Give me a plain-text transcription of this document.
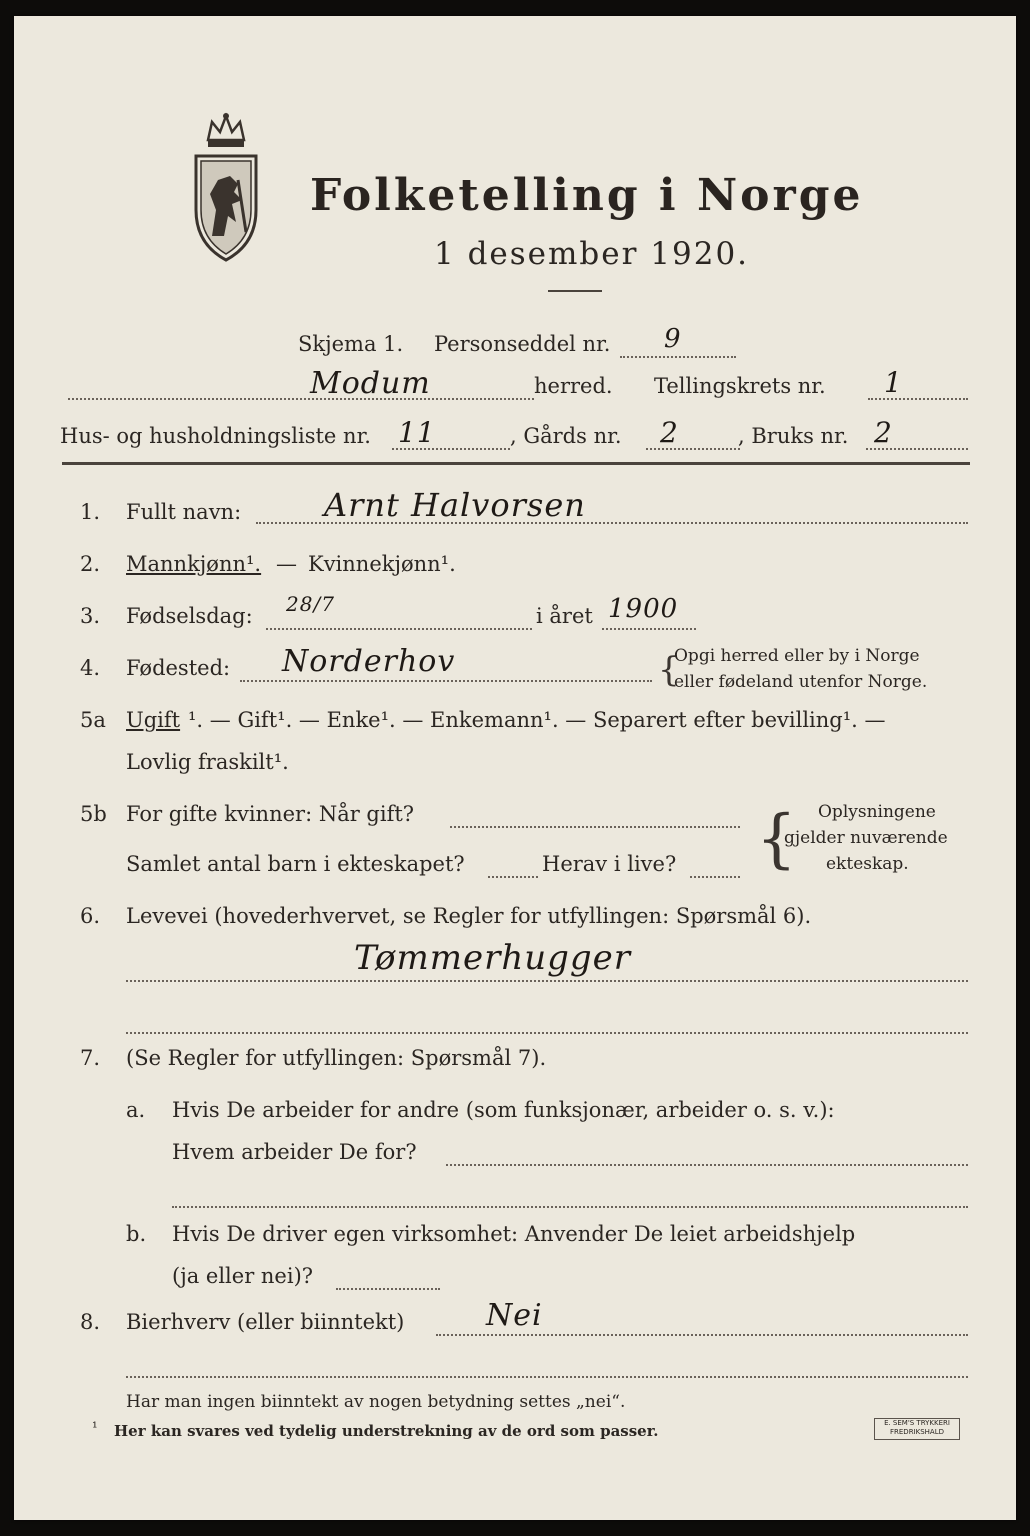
Folketelling i Norge
1 desember 1920.
Skjema 1. Personseddel nr. 9
Modum	herred. Tellingskrets nr. 1
Hus- og husholdningsliste nr. 11	, Gårds nr. 2	, Bruks nr. 2
1. Fullt navn:	Arnt Halvorsen
2. Mannkjønn¹. — Kvinnekjønn¹.
3. Fødselsdag: 28/7	i året 1900
4. Fødested: Norderhov	{
Opgi herred eller by i Norge
eller fødeland utenfor Norge.
5a Ugift ¹. — Gift¹. — Enke¹. — Enkemann¹. — Separert efter bevilling¹. —
Lovlig fraskilt¹.
5b For gifte kvinner: Når gift?
Samlet antal barn i ekteskapet?	Herav i live? { Oplysningene
gjelder nuværende
ekteskap.
6. Levevei (hovederhvervet, se Regler for utfyllingen: Spørsmål 6).
Tømmerhugger
7. (Se Regler for utfyllingen: Spørsmål 7).
a. Hvis De arbeider for andre (som funksjonær, arbeider o. s. v.):
Hvem arbeider De for?
b. Hvis De driver egen virksomhet: Anvender De leiet arbeidshjelp
(ja eller nei)?
8. Bierhverv (eller biinntekt)	Nei
Har man ingen biinntekt av nogen betydning settes „nei“.
¹ Her kan svares ved tydelig understrekning av de ord som passer.	E. SEM'S TRYKKERI
FREDRIKSHALD
